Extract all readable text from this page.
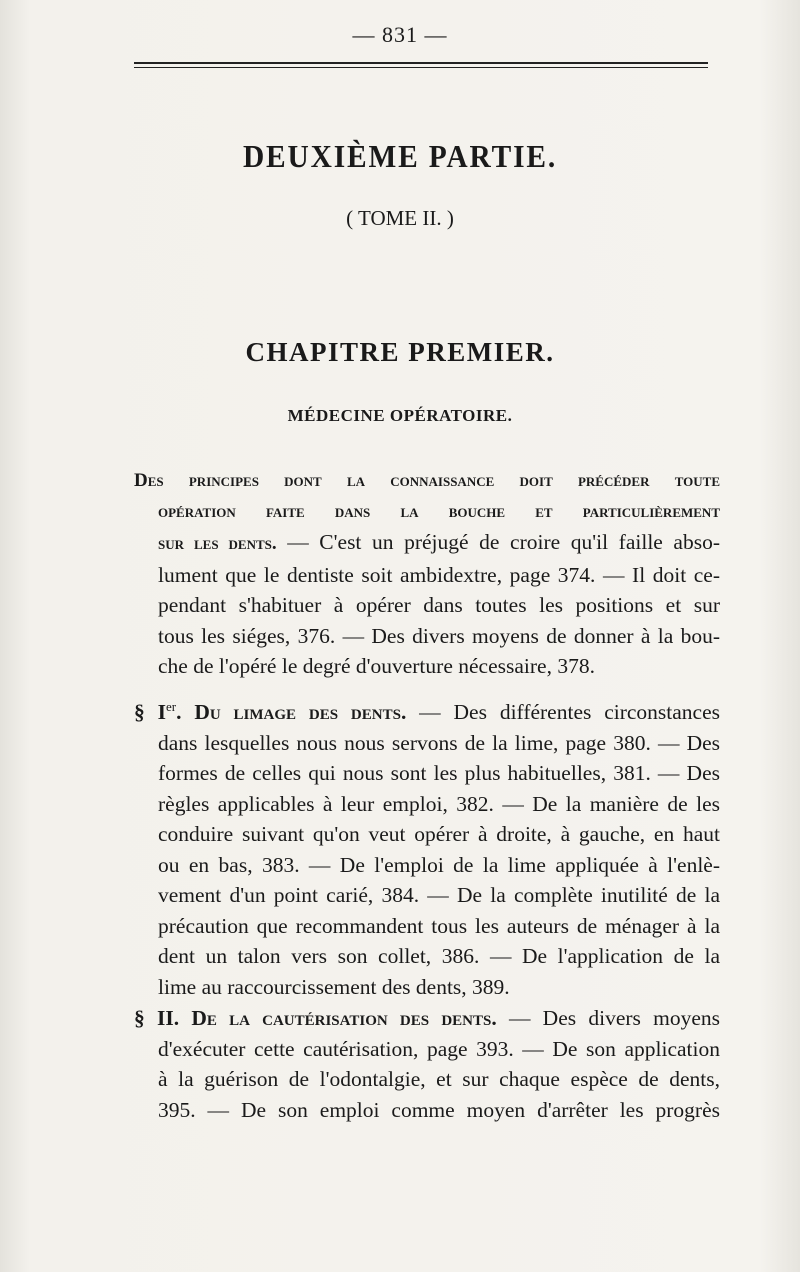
— 831 —
DEUXIÈME PARTIE.
( TOME II. )
CHAPITRE PREMIER.
MÉDECINE OPÉRATOIRE.
Des principes dont la connaissance doit précéder toute
opération faite dans la bouche et particulièrement
sur les dents. — C'est un préjugé de croire qu'il faille abso-
lument que le dentiste soit ambidextre, page 374. — Il doit ce-
pendant s'habituer à opérer dans toutes les positions et sur
tous les siéges, 376. — Des divers moyens de donner à la bou-
che de l'opéré le degré d'ouverture nécessaire, 378.
§ Ier. Du limage des dents. — Des différentes circonstances
dans lesquelles nous nous servons de la lime, page 380. — Des
formes de celles qui nous sont les plus habituelles, 381. — Des
règles applicables à leur emploi, 382. — De la manière de les
conduire suivant qu'on veut opérer à droite, à gauche, en haut
ou en bas, 383. — De l'emploi de la lime appliquée à l'enlè-
vement d'un point carié, 384. — De la complète inutilité de la
précaution que recommandent tous les auteurs de ménager à la
dent un talon vers son collet, 386. — De l'application de la
lime au raccourcissement des dents, 389.
§ II. De la cautérisation des dents. — Des divers moyens
d'exécuter cette cautérisation, page 393. — De son application
à la guérison de l'odontalgie, et sur chaque espèce de dents,
395. — De son emploi comme moyen d'arrêter les progrès
